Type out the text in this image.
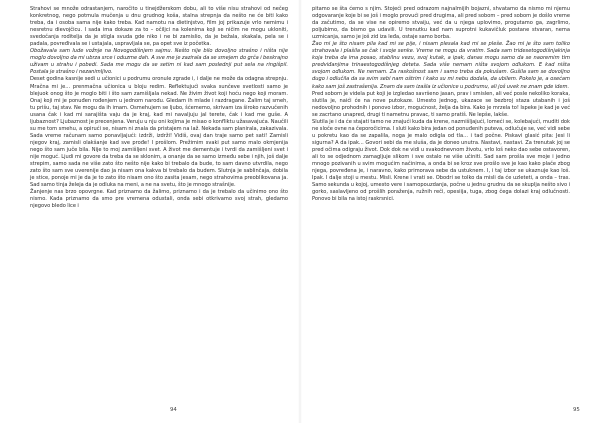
Strahovi se množe odrastanjem, naročito u tinejdžerskom dobu, ali to više nisu strahovi od nečeg konkretnog, nego potmula mučenja u dnu grudnog koša, stalna strepnja da nešto ne će biti kako treba, da i osoba sama nije kako treba. Kad namotu na dietinjstvo, film joj prikazuje vrlo nemimu i nesretnu dievojčicu. I sada ima dokaze za to – očiljci na kolenima koji se ničim ne mogu ukloniti, svedočanja roditelja da je stigla svuda gde niko i ne bi zamislio, da je bežala, skakala, pela se i padala, povređivala se i ustajala, uspravljala se, pa opet sve iz početka.

Obožavala sam lude vožnje na Novogodišnjem sajmu. Nešto nije bilo dovoljno strašno i ništa nije moglo dovoljno da mi ubrza srce i oduzme dah. A sve me je zazirala da se smejem do grča i beskrajno uživam u strahu i pobedi. Sada me mogu da se setim ni kad sam poslednji put sela na ringišpil. Postala je strašno i nezanimljivo.

Deset godina kasnije sedi u učionici u podrumu oronule zgrade i, i dalje ne može da odagna strepnju. Mračna mi je... prenmačna učionica u bloju redim. Reflektujući svaka sunčeve svetlosti samo je blejuok onog što je moglo biti i što sam zamišljala nekad. Ne živim život koji hoću nego koji moram. Onaj koji mi je ponuđen rođenjem u jednom narodu. Gledam ih mlade i razdragane. Žalim taj smeh, tu prišu, taj stav. Ne mogu da ih imam. Osmehujem se ljubo, šćememo, skrivam iza široko razvučenih usana čak i kad mi sarajišta vaju da je kraj, kad mi navaljuju jal terete, čak i kad me guše. A ljubaznost? Ljubaznost je precenjena. Veruju u nju oni kojima je misao o konfliktu užasavajuća. Naučili su me tom smehu, a opirući se, nisam ni znala da pristajem na laž. Nekada sam planirala, zakazivala. Sada vreme računam samo ponavljajući: izdrži, izdrži! Vidiš, ovaj dan traje samo pet sati! Zamisli njegov kraj, zamisli olakšanje kad sve prođe! I prošlom. Prežimim svaki put samo malo okmjenija nego što sam juče bila. Nije to moj zamišljeni svet. A život me dementuje i tvrdi da zamišljeni svet i nije moguć. Ljudi mi govore da treba da se sklonim, a onanje da se samo između sebe i njih, još dalje strepim, samo sada ne više zato što nešto nije kako bi trebalo da bude, to sam davno utvrdila, nego zato što sam sve uverenije dao ja nisam ona kakva bi trebalo da budem. Slutnja je sablinčaja, dobila je stice, ponoje mi je da je to zato što nisam ono što zasita jesam, nego strahovima preoblikovana ja. Sad samo tinja želeja da je odluka na meni, a ne na svetu, što je mnogo strašnije.

Žanjenje nas brzo opovrgne. Kad priznamo da žalimo, priznamo i da je trebalo da učinimo ono što nismo. Kada priznamo da smo pre vremena odustali, onda sebi otkrivamo svoj strah, gledamo njegovo bledo lice i

pitamo se šta ćemo s njim. Stojeći pred odrazom najnalmijih bojazni, shvatamo da nismo mi njemu odgovaranje koje bi se još i moglo provući pred drugima, ali pred sobom – pred sobom je došlo vreme da začutimo, da se vise ne opiremo stvaiju, već da u njega uplovimo, progutamo ga, zagrlimo, poljubimo, da bismo ga udavili. U trenutku kad nam suprotni kukavičluk postane stvaran, nema uzmicanja, samo je još zid iza leđa, ostaje samo borba.

Žao mi je što nisam pila kad mi se pije, i nisam plesala kad mi se pleše. Žao mi je što sam toliko strahovala i plašila se čak i svoje senke. Vreme ne mogu da vratim. Sada sam tridesetogodišnjakinja koja treba da ima posao, stabilnu vezu, svoj kutak, a ipak, danas mogu samo da se naoremim tim predviđanjima trinaestogodišnjeg deteta. Sada više nemam ništa svojom odlukom. E kad ništa svojom odlukom. Ne nemam. Za raskošnost sam i samo treba da pokušam. Gušila sam se dovoljno dugo i odlučila da sa svim sebi nam oštrim i kako su mi nebu dodala, da ubilem. Pokelo je, a osećam kako sam još zastrašenija. Znam da sam izašla iz učionice u podrumu, ali još uvek ne znam gde idem.

Pred sobom je videla put koji je izgledao savršeno jasan, prav i smislen, ali već posle nekoliko koraka, slutila je, naići će na nove putokaze. Umesto jednog, ukazace se bezbroj staza utabanih i još nedovoljno prohodnih i ponovo izbor, mogućnost, želja da bira. Kako je mrzela to! Ispeke je kad je već se zacrtano unapred, drugi ti nametnu pravac, ti samo pratiš. Ne lepše, lakše.

Slutila je i da će stajati tamo ne znajući kuda da krene, nazmišljajući, lomeći se, kolebajući, muditi dok ne sloče ovne na čeporočicima. I sluti kako bira jedan od ponuđenih puteva, odlučuje se, već vidi sebe u pokretu kao da se zapalila, noga je malo odigla od tla... i tad počne. Piskavi glasić pita: Jesi li sigurna? A da ipak... Govori sebi da me sluša, da je doneo unutra. Nastavi, nastavi. Za trenutak joj se pred očima odigraju život. Dok dok ne vidi u svakodnevnom životu, vrlo loš neko dao sebe ostavoren, ali to se odjednom zamagljuje slikom i sve ostalo ne više učiniti. Sad sam prošla sve moje i jedno mnogo pozivanih u svim mogućim načinima, a onda bi se kroz sve prošlo sve je kao kako plače zbog njega, povređena je, i naravno, kako primorava sebe da ustuknem. I, i taj izbor se ukaznuje kao loš. Ipak. I dalje stoji u mestu. Misli. Krene i vrati se. Obodri se tolko da misli da će uzleteti, a onda – tras. Samo sekunda u kojoj, umesto vere i samopouzdanja, počne u jednu grudnu da se skuplja nešto sivo i gorko, saslavljeno od prošlih poraženja, ružnih reči, opesiija, tuga, zbog čega dolazi kraj odlučnosti. Ponovo bi bila na istoj raskrsnici.

94	95
